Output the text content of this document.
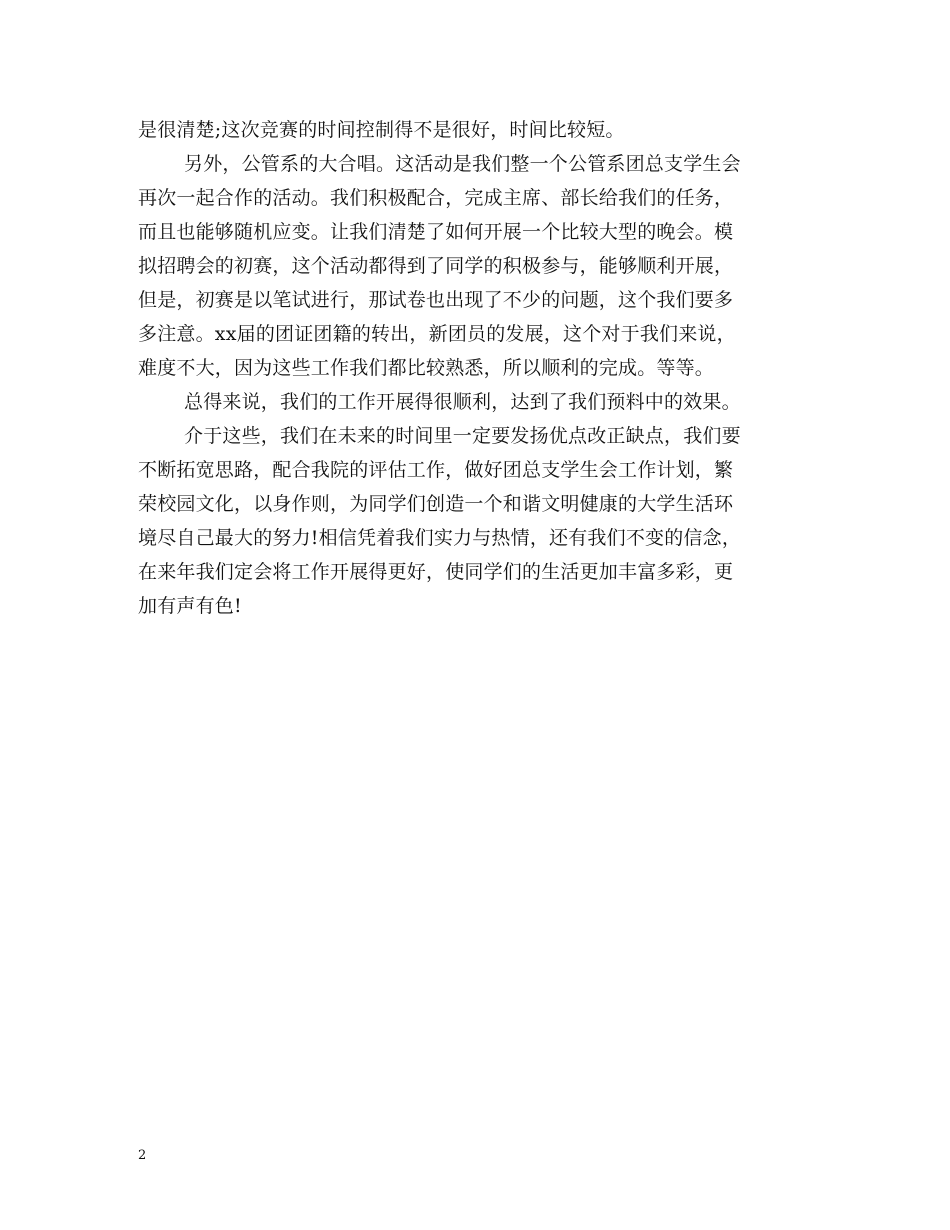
是很清楚;这次竞赛的时间控制得不是很好，时间比较短。
另外，公管系的大合唱。这活动是我们整一个公管系团总支学生会
再次一起合作的活动。我们积极配合，完成主席、部长给我们的任务，
而且也能够随机应变。让我们清楚了如何开展一个比较大型的晚会。模
拟招聘会的初赛，这个活动都得到了同学的积极参与，能够顺利开展，
但是，初赛是以笔试进行，那试卷也出现了不少的问题，这个我们要多
多注意。xx届的团证团籍的转出，新团员的发展，这个对于我们来说，
难度不大，因为这些工作我们都比较熟悉，所以顺利的完成。等等。
总得来说，我们的工作开展得很顺利，达到了我们预料中的效果。
介于这些，我们在未来的时间里一定要发扬优点改正缺点，我们要
不断拓宽思路，配合我院的评估工作，做好团总支学生会工作计划，繁
荣校园文化，以身作则，为同学们创造一个和谐文明健康的大学生活环
境尽自己最大的努力!相信凭着我们实力与热情，还有我们不变的信念，
在来年我们定会将工作开展得更好，使同学们的生活更加丰富多彩，更
加有声有色!
2
